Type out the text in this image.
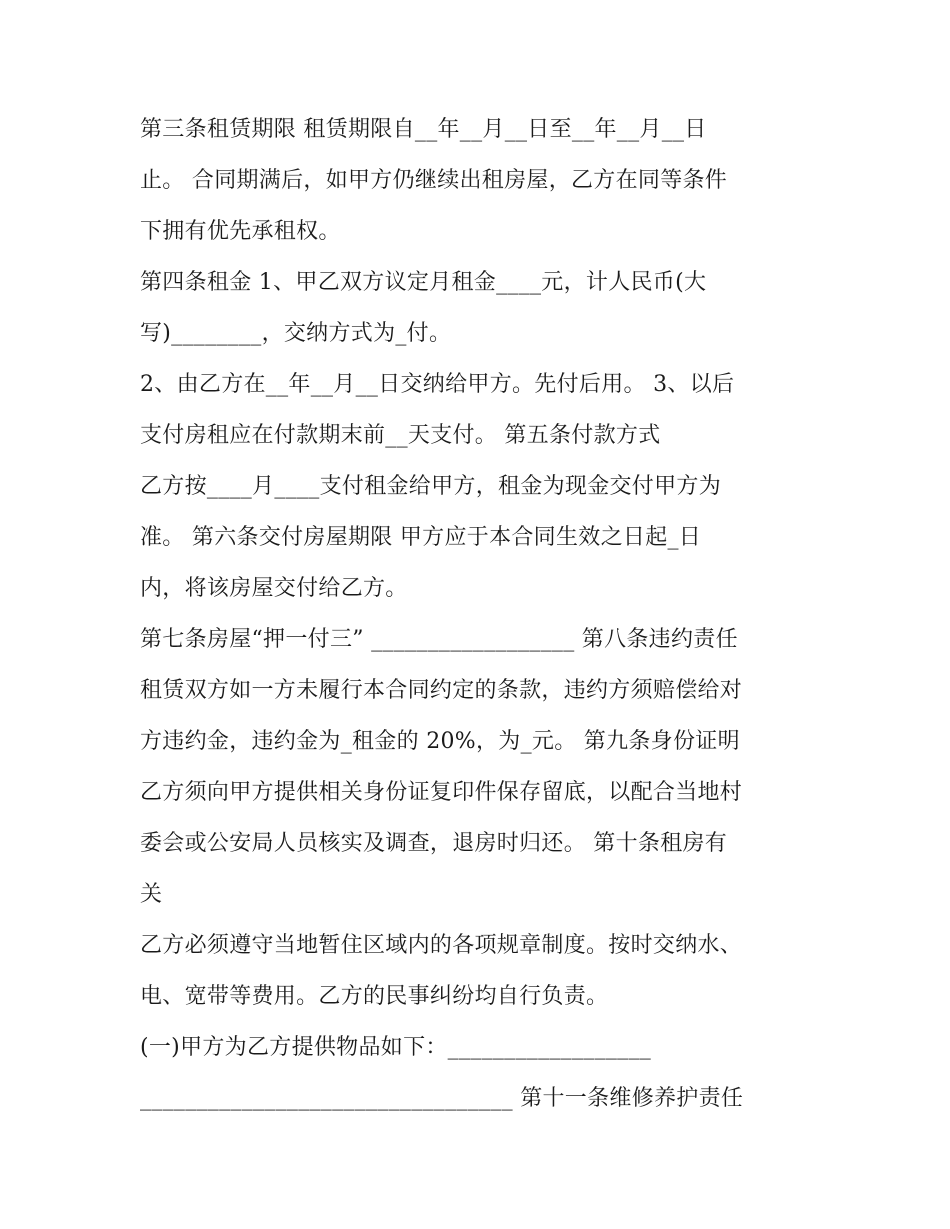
第三条租赁期限 租赁期限自__年__月__日至__年__月__日
止。 合同期满后，如甲方仍继续出租房屋，乙方在同等条件
下拥有优先承租权。
第四条租金 1、甲乙双方议定月租金____元，计人民币(大
写)________，交纳方式为_付。
2、由乙方在__年__月__日交纳给甲方。先付后用。 3、以后
支付房租应在付款期末前__天支付。 第五条付款方式
乙方按____月____支付租金给甲方，租金为现金交付甲方为
准。 第六条交付房屋期限 甲方应于本合同生效之日起_日
内，将该房屋交付给乙方。
第七条房屋“押一付三” __________________ 第八条违约责任
租赁双方如一方未履行本合同约定的条款，违约方须赔偿给对
方违约金，违约金为_租金的 20%，为_元。 第九条身份证明
乙方须向甲方提供相关身份证复印件保存留底，以配合当地村
委会或公安局人员核实及调查，退房时归还。 第十条租房有
关
乙方必须遵守当地暂住区域内的各项规章制度。按时交纳水、
电、宽带等费用。乙方的民事纠纷均自行负责。
(一)甲方为乙方提供物品如下：__________________
_________________________________ 第十一条维修养护责任
